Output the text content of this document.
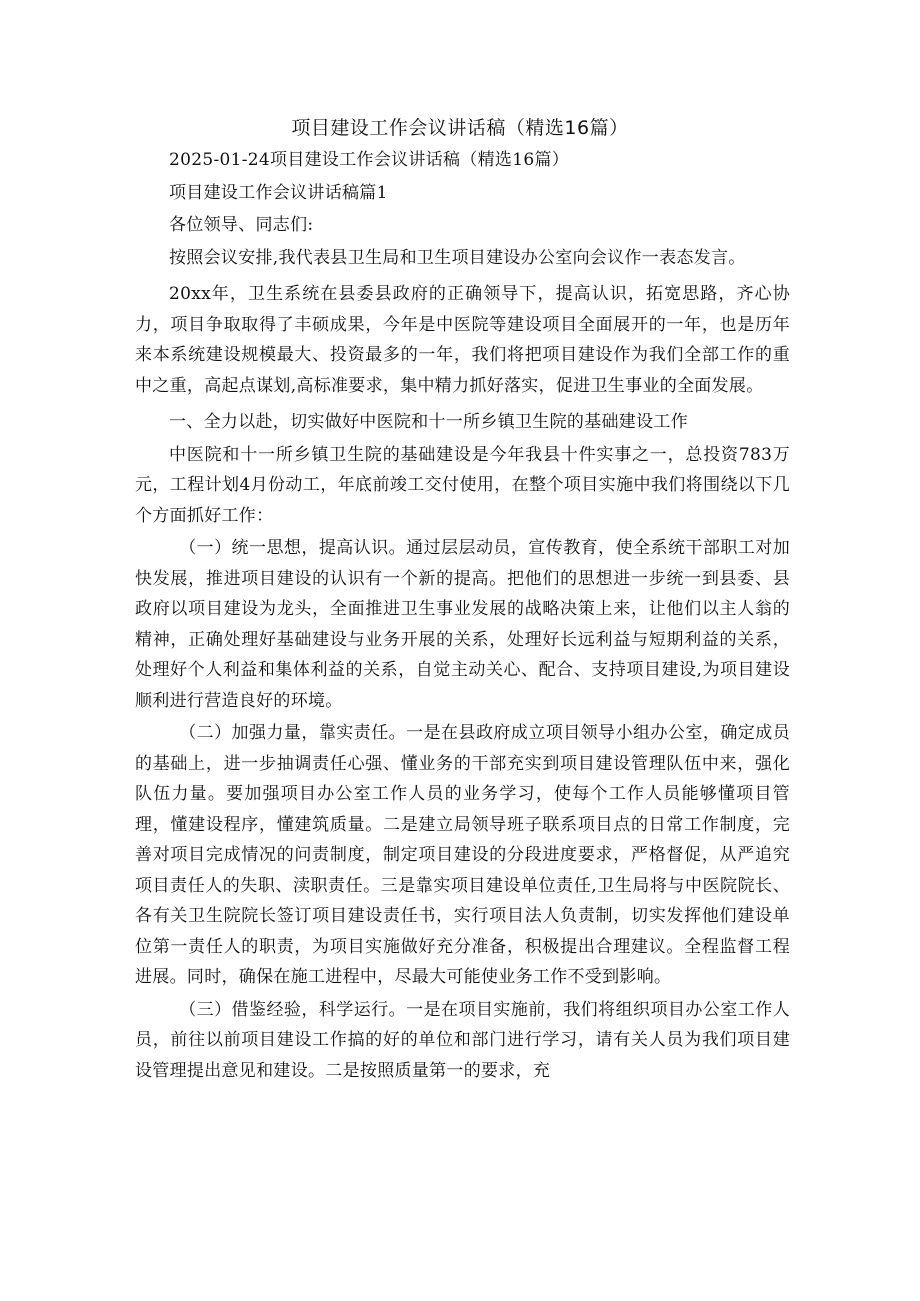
项目建设工作会议讲话稿（精选16篇）

2025-01-24项目建设工作会议讲话稿（精选16篇）

项目建设工作会议讲话稿篇1

各位领导、同志们:

按照会议安排,我代表县卫生局和卫生项目建设办公室向会议作一表态发言。

20xx年，卫生系统在县委县政府的正确领导下，提高认识，拓宽思路，齐心协力，项目争取取得了丰硕成果，今年是中医院等建设项目全面展开的一年，也是历年来本系统建设规模最大、投资最多的一年，我们将把项目建设作为我们全部工作的重中之重，高起点谋划,高标准要求，集中精力抓好落实，促进卫生事业的全面发展。

一、全力以赴，切实做好中医院和十一所乡镇卫生院的基础建设工作

中医院和十一所乡镇卫生院的基础建设是今年我县十件实事之一，总投资783万元，工程计划4月份动工，年底前竣工交付使用，在整个项目实施中我们将围绕以下几个方面抓好工作：

（一）统一思想，提高认识。通过层层动员，宣传教育，使全系统干部职工对加快发展，推进项目建设的认识有一个新的提高。把他们的思想进一步统一到县委、县政府以项目建设为龙头，全面推进卫生事业发展的战略决策上来，让他们以主人翁的精神，正确处理好基础建设与业务开展的关系，处理好长远利益与短期利益的关系，处理好个人利益和集体利益的关系，自觉主动关心、配合、支持项目建设,为项目建设顺利进行营造良好的环境。

（二）加强力量，靠实责任。一是在县政府成立项目领导小组办公室，确定成员的基础上，进一步抽调责任心强、懂业务的干部充实到项目建设管理队伍中来，强化队伍力量。要加强项目办公室工作人员的业务学习，使每个工作人员能够懂项目管理，懂建设程序，懂建筑质量。二是建立局领导班子联系项目点的日常工作制度，完善对项目完成情况的问责制度，制定项目建设的分段进度要求，严格督促，从严追究项目责任人的失职、渎职责任。三是靠实项目建设单位责任,卫生局将与中医院院长、各有关卫生院院长签订项目建设责任书，实行项目法人负责制，切实发挥他们建设单位第一责任人的职责，为项目实施做好充分准备，积极提出合理建议。全程监督工程进展。同时，确保在施工进程中，尽最大可能使业务工作不受到影响。

（三）借鉴经验，科学运行。一是在项目实施前，我们将组织项目办公室工作人员，前往以前项目建设工作搞的好的单位和部门进行学习，请有关人员为我们项目建设管理提出意见和建设。二是按照质量第一的要求，充
